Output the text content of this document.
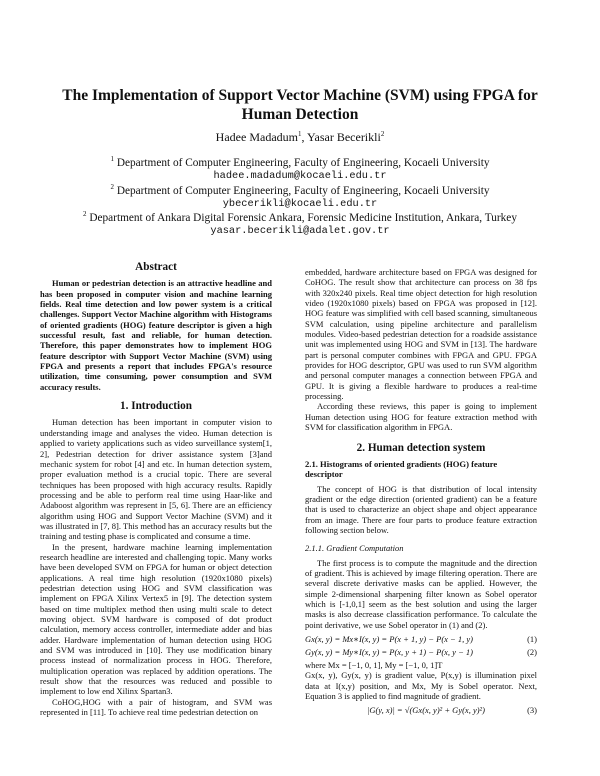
The Implementation of Support Vector Machine (SVM) using FPGA for Human Detection
Hadee Madadum$^1$, Yasar Becerikli$^2$
$^1$ Department of Computer Engineering, Faculty of Engineering, Kocaeli University
hadee.madadum@kocaeli.edu.tr
$^2$ Department of Computer Engineering, Faculty of Engineering, Kocaeli University
ybecerikli@kocaeli.edu.tr
$^2$ Department of Ankara Digital Forensic Ankara, Forensic Medicine Institution, Ankara, Turkey
yasar.becerikli@adalet.gov.tr
Abstract

Human or pedestrian detection is an attractive headline and has been proposed in computer vision and machine learning fields. Real time detection and low power system is a critical challenges. Support Vector Machine algorithm with Histograms of oriented gradients (HOG) feature descriptor is given a high successful result, fast and reliable, for human detection. Therefore, this paper demonstrates how to implement HOG feature descriptor with Support Vector Machine (SVM) using FPGA and presents a report that includes FPGA's resource utilization, time consuming, power consumption and SVM accuracy results.

1. Introduction

Human detection has been important in computer vision to understanding image and analyses the video. Human detection is applied to variety applications such as video surveillance system[1, 2], Pedestrian detection for driver assistance system [3]and mechanic system for robot [4] and etc. In human detection system, proper evaluation method is a crucial topic. There are several techniques has been proposed with high accuracy results. Rapidly processing and be able to perform real time using Haar-like and Adaboost algorithm was represent in [5, 6]. There are an efficiency algorithm using HOG and Support Vector Machine (SVM) and it was illustrated in [7, 8]. This method has an accuracy results but the training and testing phase is complicated and consume a time.

In the present, hardware machine learning implementation research headline are interested and challenging topic. Many works have been developed SVM on FPGA for human or object detection applications. A real time high resolution (1920x1080 pixels) pedestrian detection using HOG and SVM classification was implement on FPGA Xilinx Vertex5 in [9]. The detection system based on time multiplex method then using multi scale to detect moving object. SVM hardware is composed of dot product calculation, memory access controller, intermediate adder and bias adder. Hardware implementation of human detection using HOG and SVM was introduced in [10]. They use modification binary process instead of normalization process in HOG. Therefore, multiplication operation was replaced by addition operations. The result show that the resources was reduced and possible to implement to low end Xilinx Spartan3.

CoHOG,HOG with a pair of histogram, and SVM was represented in [11]. To achieve real time pedestrian detection on

embedded, hardware architecture based on FPGA was designed for CoHOG. The result show that architecture can process on 38 fps with 320x240 pixels. Real time object detection for high resolution video (1920x1080 pixels) based on FPGA was proposed in [12]. HOG feature was simplified with cell based scanning, simultaneous SVM calculation, using pipeline architecture and parallelism modules. Video-based pedestrian detection for a roadside assistance unit was implemented using HOG and SVM in [13]. The hardware part is personal computer combines with FPGA and GPU. FPGA provides for HOG descriptor, GPU was used to run SVM algorithm and personal computer manages a connection between FPGA and GPU. It is giving a flexible hardware to produces a real-time processing.

According these reviews, this paper is going to implement Human detection using HOG for feature extraction method with SVM for classification algorithm in FPGA.

2. Human detection system
2.1. Histograms of oriented gradients (HOG) feature descriptor

The concept of HOG is that distribution of local intensity gradient or the edge direction (oriented gradient) can be a feature that is used to characterize an object shape and object appearance from an image. There are four parts to produce feature extraction following section below.

2.1.1. Gradient Computation

The first process is to compute the magnitude and the direction of gradient. This is achieved by image filtering operation. There are several discrete derivative masks can be applied. However, the simple 2-dimensional sharpening filter known as Sobel operator which is [-1,0,1] seem as the best solution and using the larger masks is also decrease classification performance. To calculate the point derivative, we use Sobel operator in (1) and (2).

Gx(x, y) = Mx∗I(x, y) = P(x + 1, y) − P(x − 1, y)	(1)
Gy(x, y) = My∗I(x, y) = P(x, y + 1) − P(x, y − 1)	(2)

where Mx = [−1, 0, 1], My = [−1, 0, 1]T

Gx(x, y), Gy(x, y) is gradient value, P(x,y) is illumination pixel data at I(x,y) position, and Mx, My is Sobel operator. Next, Equation 3 is applied to find magnitude of gradient.

|G(y, x)| = √(Gx(x, y)² + Gy(x, y)²)	(3)
